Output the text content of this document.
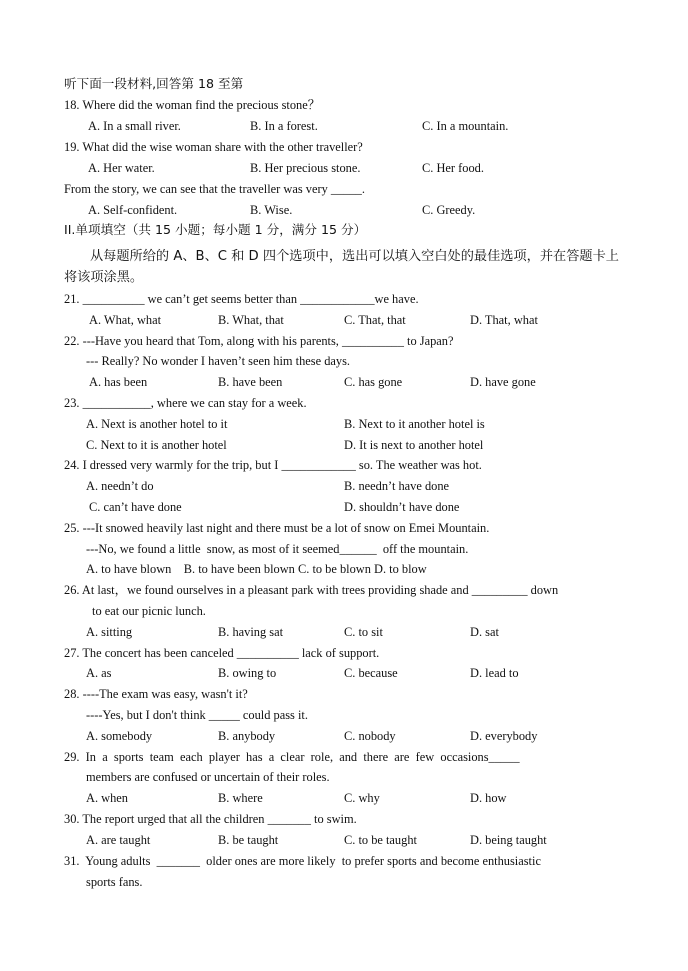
听下面一段材料,回答第 18 至第
18. Where did the woman find the precious stone？
A. In a small river.	B. In a forest.	C. In a mountain.
19. What did the wise woman share with the other traveller?
A. Her water.	B. Her precious stone.	C. Her food.
From the story, we can see that the traveller was very _____.
A. Self-confident.	B. Wise.	C. Greedy.
II.单项填空（共 15 小题；每小题 1 分，满分 15 分）
从每题所给的 A、B、C 和 D 四个选项中，选出可以填入空白处的最佳选项，并在答题卡上将该项涂黑。
21. __________ we can’t get seems better than ____________we have.
A. What, what	B. What, that	C. That, that	D. That, what
22. ---Have you heard that Tom, along with his parents, __________ to Japan?
--- Really? No wonder I haven’t seen him these days.
A. has been	B. have been	C. has gone	D. have gone
23. ___________, where we can stay for a week.
A. Next is another hotel to it	B. Next to it another hotel is
C. Next to it is another hotel	D. It is next to another hotel
24. I dressed very warmly for the trip, but I ____________ so. The weather was hot.
A. needn’t do	B. needn’t have done
C. can’t have done	D. shouldn’t have done
25. ---It snowed heavily last night and there must be a lot of snow on Emei Mountain.
---No, we found a little  snow, as most of it seemed______  off the mountain.
A. to have blown    B. to have been blown C. to be blown D. to blow
26. At last，we found ourselves in a pleasant park with trees providing shade and _________ down
to eat our picnic lunch.
A. sitting	B. having sat	C. to sit	D. sat
27. The concert has been canceled __________ lack of support.
A. as	B. owing to	C. because	D. lead to
28. ----The exam was easy, wasn't it?
----Yes, but I don't think _____ could pass it.
A. somebody	B. anybody	C. nobody	D. everybody
29.  In  a  sports  team  each  player  has  a  clear  role,  and  there  are  few  occasions_____
members are confused or uncertain of their roles.
A. when	B. where	C. why	D. how
30. The report urged that all the children _______ to swim.
A. are taught	B. be taught	C. to be taught	D. being taught
31.  Young adults  _______  older ones are more likely  to prefer sports and become enthusiastic
sports fans.
